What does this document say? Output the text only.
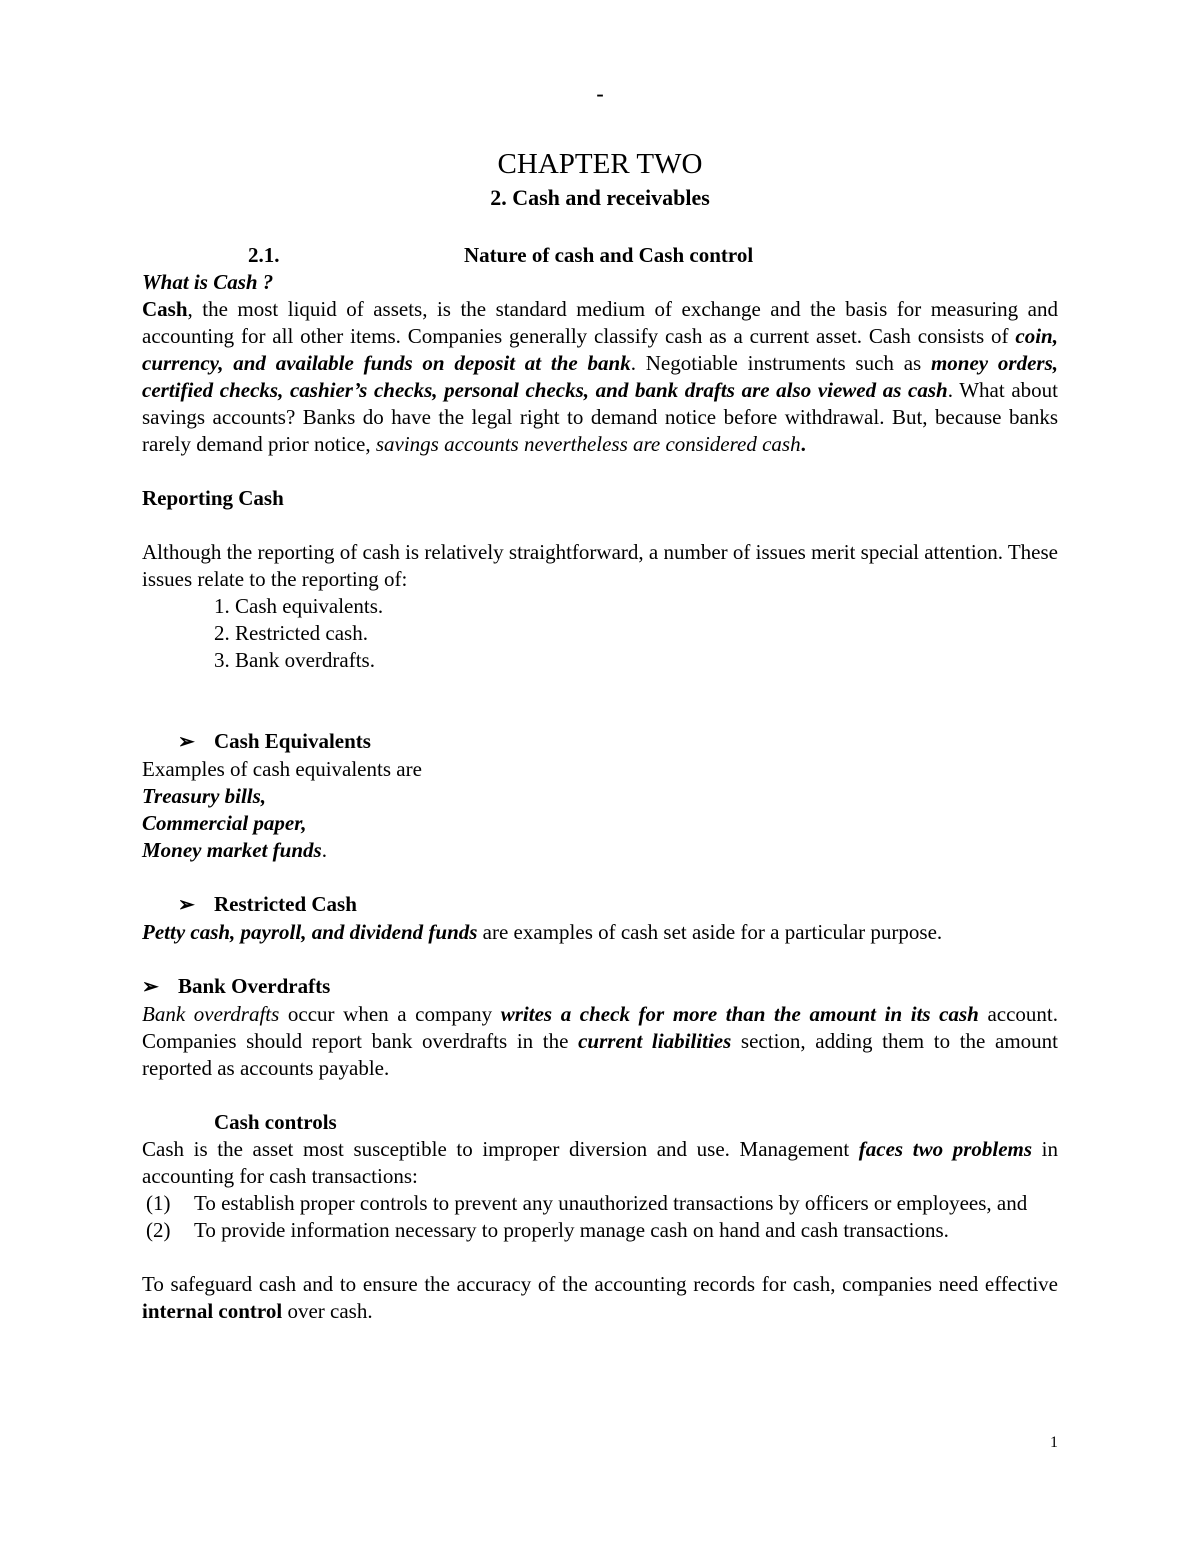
-
CHAPTER TWO
2. Cash and receivables
2.1.	Nature of cash and Cash control
What is Cash ?

Cash, the most liquid of assets, is the standard medium of exchange and the basis for measuring and accounting for all other items. Companies generally classify cash as a current asset. Cash consists of coin, currency, and available funds on deposit at the bank. Negotiable instruments such as money orders, certified checks, cashier’s checks, personal checks, and bank drafts are also viewed as cash. What about savings accounts? Banks do have the legal right to demand notice before withdrawal. But, because banks rarely demand prior notice, savings accounts nevertheless are considered cash.

Reporting Cash

Although the reporting of cash is relatively straightforward, a number of issues merit special attention. These issues relate to the reporting of:

1. Cash equivalents.
2. Restricted cash.
3. Bank overdrafts.
➢ Cash Equivalents
Examples of cash equivalents are
Treasury bills,
Commercial paper,
Money market funds.
➢ Restricted Cash
Petty cash, payroll, and dividend funds are examples of cash set aside for a particular purpose.
➢ Bank Overdrafts

Bank overdrafts occur when a company writes a check for more than the amount in its cash account. Companies should report bank overdrafts in the current liabilities section, adding them to the amount reported as accounts payable.

Cash controls

Cash is the asset most susceptible to improper diversion and use. Management faces two problems in accounting for cash transactions:

(1)	To establish proper controls to prevent any unauthorized transactions by officers or employees, and
(2)	To provide information necessary to properly manage cash on hand and cash transactions.

To safeguard cash and to ensure the accuracy of the accounting records for cash, companies need effective internal control over cash.

1
